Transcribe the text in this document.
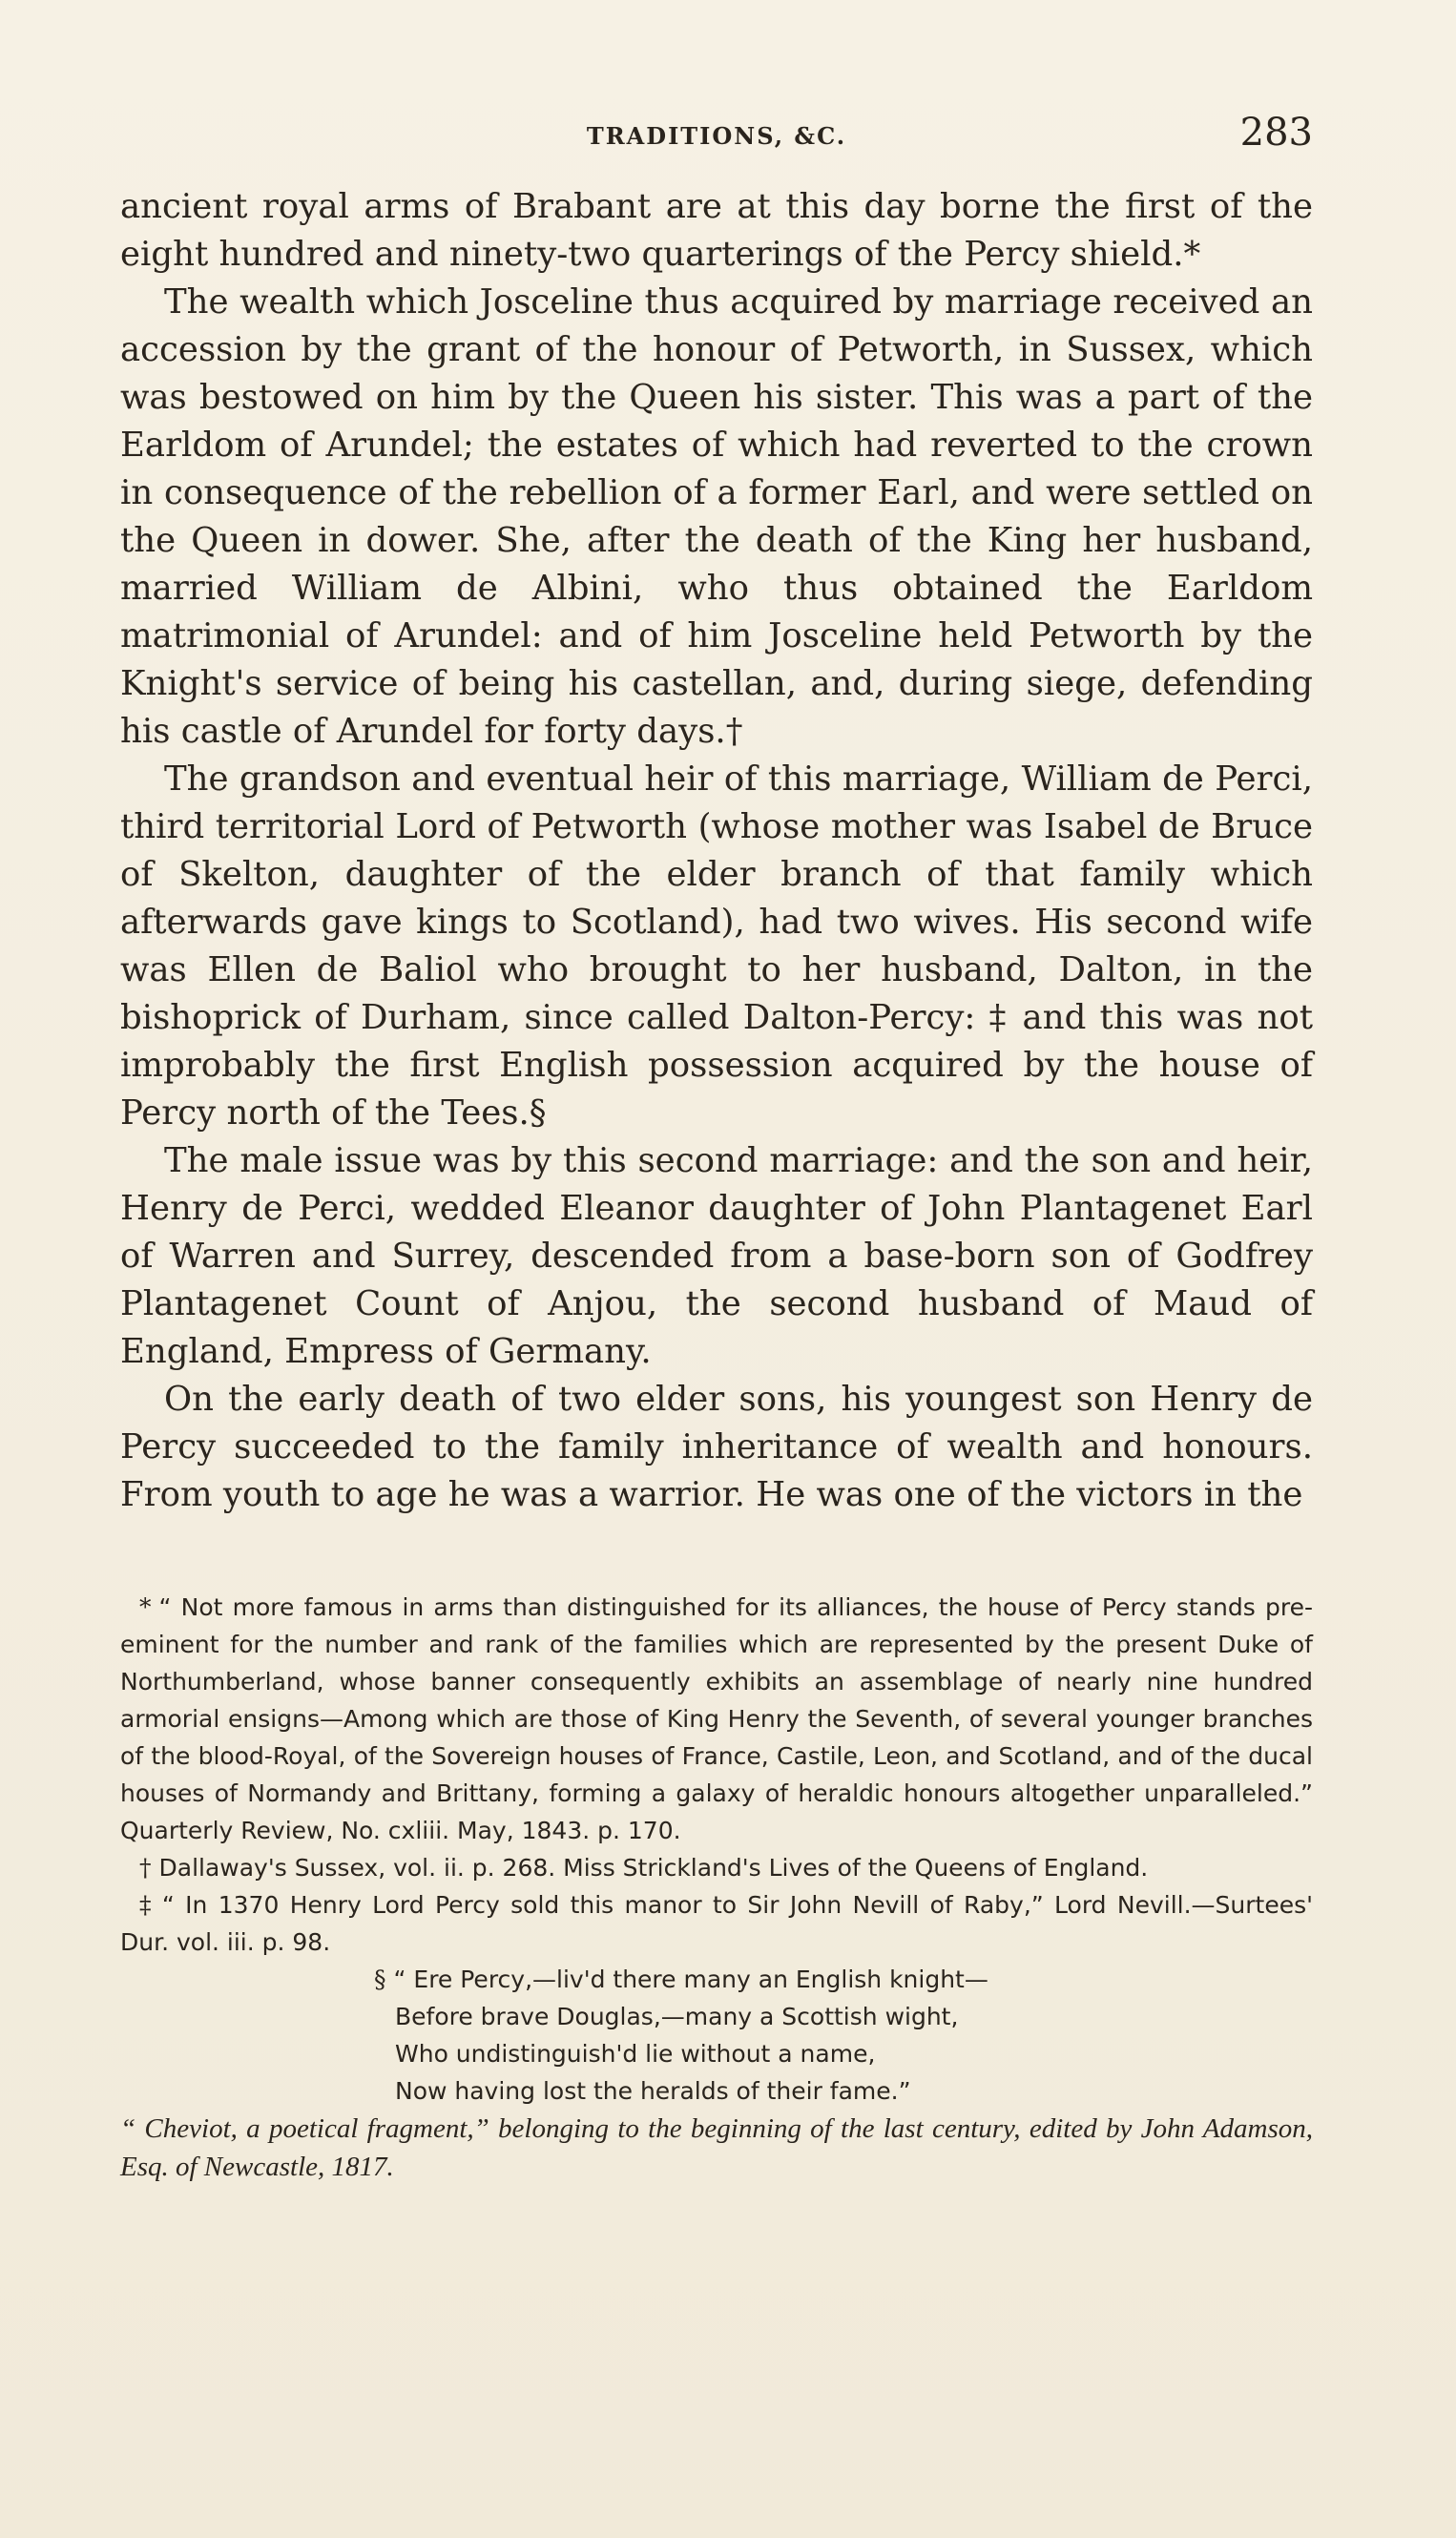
TRADITIONS, &C.	283

ancient royal arms of Brabant are at this day borne the first of the eight hundred and ninety-two quarterings of the Percy shield.*

The wealth which Josceline thus acquired by marriage received an accession by the grant of the honour of Petworth, in Sussex, which was bestowed on him by the Queen his sister. This was a part of the Earldom of Arundel; the estates of which had reverted to the crown in consequence of the rebellion of a former Earl, and were settled on the Queen in dower. She, after the death of the King her husband, married William de Albini, who thus obtained the Earldom matrimonial of Arundel: and of him Josceline held Petworth by the Knight's service of being his castellan, and, during siege, defending his castle of Arundel for forty days.†

The grandson and eventual heir of this marriage, William de Perci, third territorial Lord of Petworth (whose mother was Isabel de Bruce of Skelton, daughter of the elder branch of that family which afterwards gave kings to Scotland), had two wives. His second wife was Ellen de Baliol who brought to her husband, Dalton, in the bishoprick of Durham, since called Dalton-Percy: ‡ and this was not improbably the first English possession acquired by the house of Percy north of the Tees.§

The male issue was by this second marriage: and the son and heir, Henry de Perci, wedded Eleanor daughter of John Plantagenet Earl of Warren and Surrey, descended from a base-born son of Godfrey Plantagenet Count of Anjou, the second husband of Maud of England, Empress of Germany.

On the early death of two elder sons, his youngest son Henry de Percy succeeded to the family inheritance of wealth and honours. From youth to age he was a warrior. He was one of the victors in the

* “ Not more famous in arms than distinguished for its alliances, the house of Percy stands pre-eminent for the number and rank of the families which are represented by the present Duke of Northumberland, whose banner consequently exhibits an assemblage of nearly nine hundred armorial ensigns—Among which are those of King Henry the Seventh, of several younger branches of the blood-Royal, of the Sovereign houses of France, Castile, Leon, and Scotland, and of the ducal houses of Normandy and Brittany, forming a galaxy of heraldic honours altogether unparalleled.” Quarterly Review, No. cxliii. May, 1843. p. 170.

† Dallaway's Sussex, vol. ii. p. 268. Miss Strickland's Lives of the Queens of England.

‡ “ In 1370 Henry Lord Percy sold this manor to Sir John Nevill of Raby,” Lord Nevill.—Surtees' Dur. vol. iii. p. 98.

§ “ Ere Percy,—liv'd there many an English knight—
Before brave Douglas,—many a Scottish wight,
Who undistinguish'd lie without a name,
Now having lost the heralds of their fame.”

“ Cheviot, a poetical fragment,” belonging to the beginning of the last century, edited by John Adamson, Esq. of Newcastle, 1817.
